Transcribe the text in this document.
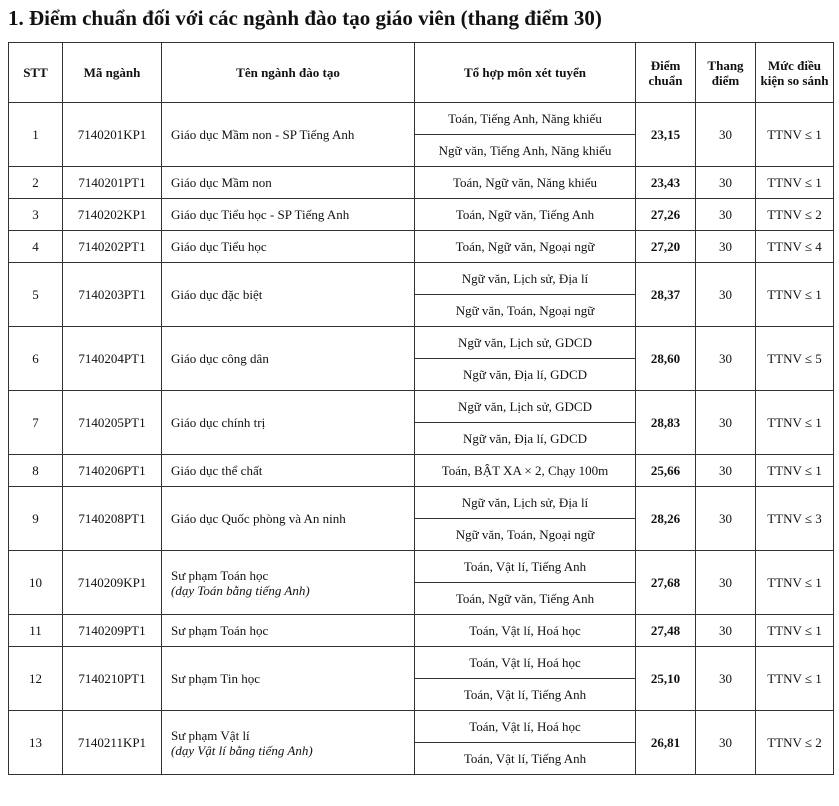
1. Điểm chuẩn đối với các ngành đào tạo giáo viên (thang điểm 30)
STT	Mã ngành	Tên ngành đào tạo	Tổ hợp môn xét tuyển	Điểm chuẩn	Thang điểm	Mức điều kiện so sánh
1	7140201KP1	Giáo dục Mầm non - SP Tiếng Anh	Toán, Tiếng Anh, Năng khiếu	23,15	30	TTNV ≤ 1
			Ngữ văn, Tiếng Anh, Năng khiếu			
2	7140201PT1	Giáo dục Mầm non	Toán, Ngữ văn, Năng khiếu	23,43	30	TTNV ≤ 1
3	7140202KP1	Giáo dục Tiểu học - SP Tiếng Anh	Toán, Ngữ văn, Tiếng Anh	27,26	30	TTNV ≤ 2
4	7140202PT1	Giáo dục Tiểu học	Toán, Ngữ văn, Ngoại ngữ	27,20	30	TTNV ≤ 4
5	7140203PT1	Giáo dục đặc biệt	Ngữ văn, Lịch sử, Địa lí	28,37	30	TTNV ≤ 1
			Ngữ văn, Toán, Ngoại ngữ			
6	7140204PT1	Giáo dục công dân	Ngữ văn, Lịch sử, GDCD	28,60	30	TTNV ≤ 5
			Ngữ văn, Địa lí, GDCD			
7	7140205PT1	Giáo dục chính trị	Ngữ văn, Lịch sử, GDCD	28,83	30	TTNV ≤ 1
			Ngữ văn, Địa lí, GDCD			
8	7140206PT1	Giáo dục thể chất	Toán, BẬT XA × 2, Chạy 100m	25,66	30	TTNV ≤ 1
9	7140208PT1	Giáo dục Quốc phòng và An ninh	Ngữ văn, Lịch sử, Địa lí	28,26	30	TTNV ≤ 3
			Ngữ văn, Toán, Ngoại ngữ			
10	7140209KP1	Sư phạm Toán học
(dạy Toán bằng tiếng Anh)	Toán, Vật lí, Tiếng Anh	27,68	30	TTNV ≤ 1
			Toán, Ngữ văn, Tiếng Anh			
11	7140209PT1	Sư phạm Toán học	Toán, Vật lí, Hoá học	27,48	30	TTNV ≤ 1
12	7140210PT1	Sư phạm Tin học	Toán, Vật lí, Hoá học	25,10	30	TTNV ≤ 1
			Toán, Vật lí, Tiếng Anh			
13	7140211KP1	Sư phạm Vật lí
(dạy Vật lí bằng tiếng Anh)	Toán, Vật lí, Hoá học	26,81	30	TTNV ≤ 2
			Toán, Vật lí, Tiếng Anh			
